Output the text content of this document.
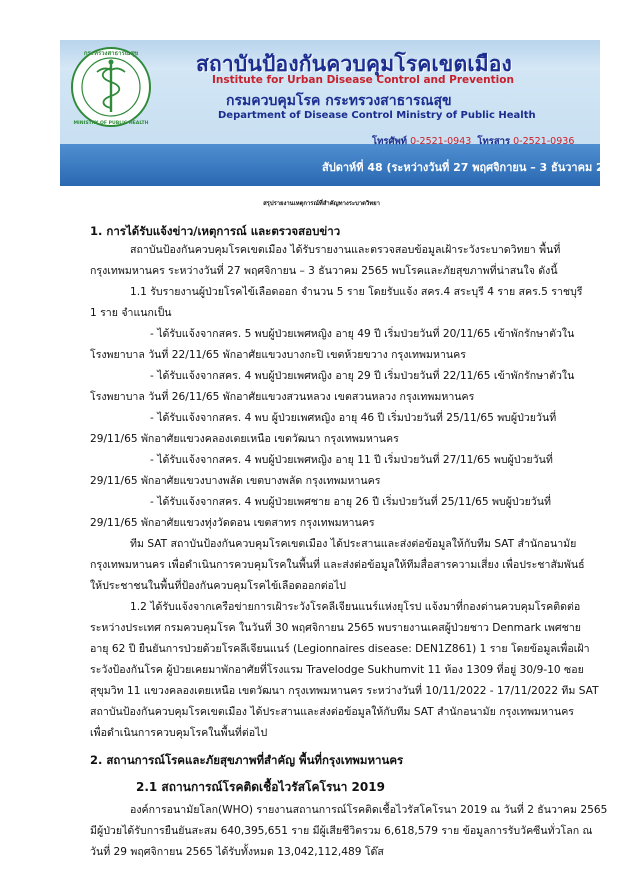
กระทรวงสาธารณสุข
MINISTRY OF PUBLIC HEALTH
สถาบันป้องกันควบคุมโรคเขตเมือง
Institute for Urban Disease Control and Prevention
กรมควบคุมโรค กระทรวงสาธารณสุข
Department of Disease Control Ministry of Public Health
โทรศัพท์ 0-2521-0943 โทรสาร 0-2521-0936
สัปดาห์ที่ 48 (ระหว่างวันที่ 27 พฤศจิกายน – 3 ธันวาคม 2565)
สรุปรายงานเหตุการณ์ที่สำคัญทางระบาดวิทยา
1. การได้รับแจ้งข่าว/เหตุการณ์ และตรวจสอบข่าว
สถาบันป้องกันควบคุมโรคเขตเมือง ได้รับรายงานและตรวจสอบข้อมูลเฝ้าระวังระบาดวิทยา พื้นที่
กรุงเทพมหานคร ระหว่างวันที่ 27 พฤศจิกายน – 3 ธันวาคม 2565 พบโรคและภัยสุขภาพที่น่าสนใจ ดังนี้
1.1 รับรายงานผู้ป่วยโรคไข้เลือดออก จำนวน 5 ราย โดยรับแจ้ง สคร.4 สระบุรี 4 ราย สคร.5 ราชบุรี
1 ราย จำแนกเป็น
- ได้รับแจ้งจากสคร. 5 พบผู้ป่วยเพศหญิง อายุ 49 ปี เริ่มป่วยวันที่ 20/11/65 เข้าพักรักษาตัวใน
โรงพยาบาล วันที่ 22/11/65 พักอาศัยแขวงบางกะปิ เขตห้วยขวาง กรุงเทพมหานคร
- ได้รับแจ้งจากสคร. 4 พบผู้ป่วยเพศหญิง อายุ 29 ปี เริ่มป่วยวันที่ 22/11/65 เข้าพักรักษาตัวใน
โรงพยาบาล วันที่ 26/11/65 พักอาศัยแขวงสวนหลวง เขตสวนหลวง กรุงเทพมหานคร
- ได้รับแจ้งจากสคร. 4 พบ ผู้ป่วยเพศหญิง อายุ 46 ปี เริ่มป่วยวันที่ 25/11/65 พบผู้ป่วยวันที่
29/11/65 พักอาศัยแขวงคลองเตยเหนือ เขตวัฒนา กรุงเทพมหานคร
- ได้รับแจ้งจากสคร. 4 พบผู้ป่วยเพศหญิง อายุ 11 ปี เริ่มป่วยวันที่ 27/11/65 พบผู้ป่วยวันที่
29/11/65 พักอาศัยแขวงบางพลัด เขตบางพลัด กรุงเทพมหานคร
- ได้รับแจ้งจากสคร. 4 พบผู้ป่วยเพศชาย อายุ 26 ปี เริ่มป่วยวันที่ 25/11/65 พบผู้ป่วยวันที่
29/11/65 พักอาศัยแขวงทุ่งวัดดอน เขตสาทร กรุงเทพมหานคร
ทีม SAT สถาบันป้องกันควบคุมโรคเขตเมือง ได้ประสานและส่งต่อข้อมูลให้กับทีม SAT สำนักอนามัย
กรุงเทพมหานคร เพื่อดำเนินการควบคุมโรคในพื้นที่ และส่งต่อข้อมูลให้ทีมสื่อสารความเสี่ยง เพื่อประชาสัมพันธ์
ให้ประชาชนในพื้นที่ป้องกันควบคุมโรคไข้เลือดออกต่อไป
1.2 ได้รับแจ้งจากเครือข่ายการเฝ้าระวังโรคลีเจียนแนร์แห่งยุโรป แจ้งมาที่กองด่านควบคุมโรคติดต่อ
ระหว่างประเทศ กรมควบคุมโรค ในวันที่ 30 พฤศจิกายน 2565 พบรายงานเคสผู้ป่วยชาว Denmark เพศชาย
อายุ 62 ปี ยืนยันการป่วยด้วยโรคลีเจียนแนร์ (Legionnaires disease: DEN1Z861) 1 ราย โดยข้อมูลเพื่อเฝ้า
ระวังป้องกันโรค ผู้ป่วยเคยมาพักอาศัยที่โรงแรม Travelodge Sukhumvit 11 ห้อง 1309 ที่อยู่ 30/9-10 ซอย
สุขุมวิท 11 แขวงคลองเตยเหนือ เขตวัฒนา กรุงเทพมหานคร ระหว่างวันที่ 10/11/2022 - 17/11/2022 ทีม SAT
สถาบันป้องกันควบคุมโรคเขตเมือง ได้ประสานและส่งต่อข้อมูลให้กับทีม SAT สำนักอนามัย กรุงเทพมหานคร
เพื่อดำเนินการควบคุมโรคในพื้นที่ต่อไป
2. สถานการณ์โรคและภัยสุขภาพที่สำคัญ พื้นที่กรุงเทพมหานคร
2.1 สถานการณ์โรคติดเชื้อไวรัสโคโรนา 2019
องค์การอนามัยโลก(WHO) รายงานสถานการณ์โรคติดเชื้อไวรัสโคโรนา 2019 ณ วันที่ 2 ธันวาคม 2565
มีผู้ป่วยได้รับการยืนยันสะสม 640,395,651 ราย มีผู้เสียชีวิตรวม 6,618,579 ราย ข้อมูลการรับวัคซีนทั่วโลก ณ
วันที่ 29 พฤศจิกายน 2565 ได้รับทั้งหมด 13,042,112,489 โด๊ส
